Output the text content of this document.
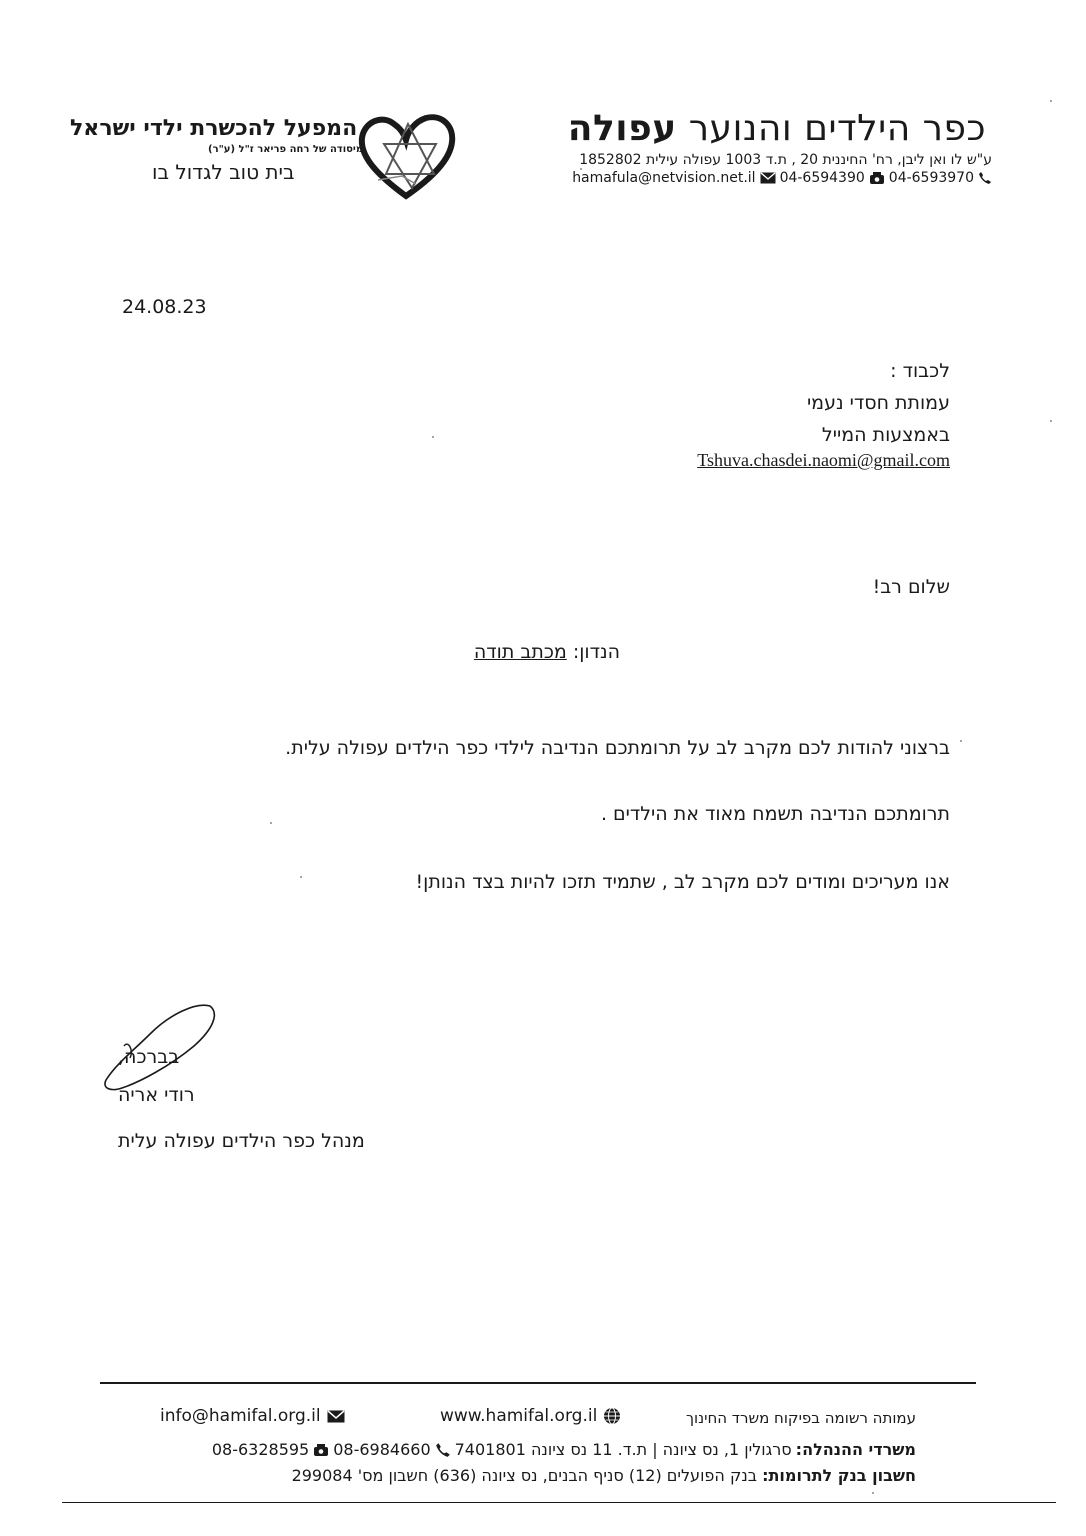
כפר הילדים והנוער עפולה
ע"ש לו ואן ליבן, רח' החיננית 20 , ת.ד 1003 עפולה עילית 1852802
hamafula@netvision.net.il 04-6594390 04-6593970
המפעל להכשרת ילדי ישראל
מיסודה של רחה פריאר ז"ל (ע"ר)
בית טוב לגדול בו
24.08.23
לכבוד :
עמותת חסדי נעמי
באמצעות המייל
Tshuva.chasdei.naomi@gmail.com
שלום רב!
הנדון: מכתב תודה
ברצוני להודות לכם מקרב לב על תרומתכם הנדיבה לילדי כפר הילדים עפולה עלית.
תרומתכם הנדיבה תשמח מאוד את הילדים .
אנו מעריכים ומודים לכם מקרב לב , שתמיד תזכו להיות בצד הנותן!
בברכה,
רודי אריה
מנהל כפר הילדים עפולה עלית
עמותה רשומה בפיקוח משרד החינוך
www.hamifal.org.il
info@hamifal.org.il
משרדי ההנהלה:
סרגולין 1, נס ציונה | ת.ד. 11 נס ציונה 7401801
08-6984660
08-6328595
חשבון בנק לתרומות: בנק הפועלים (12) סניף הבנים, נס ציונה (636) חשבון מס' 299084
